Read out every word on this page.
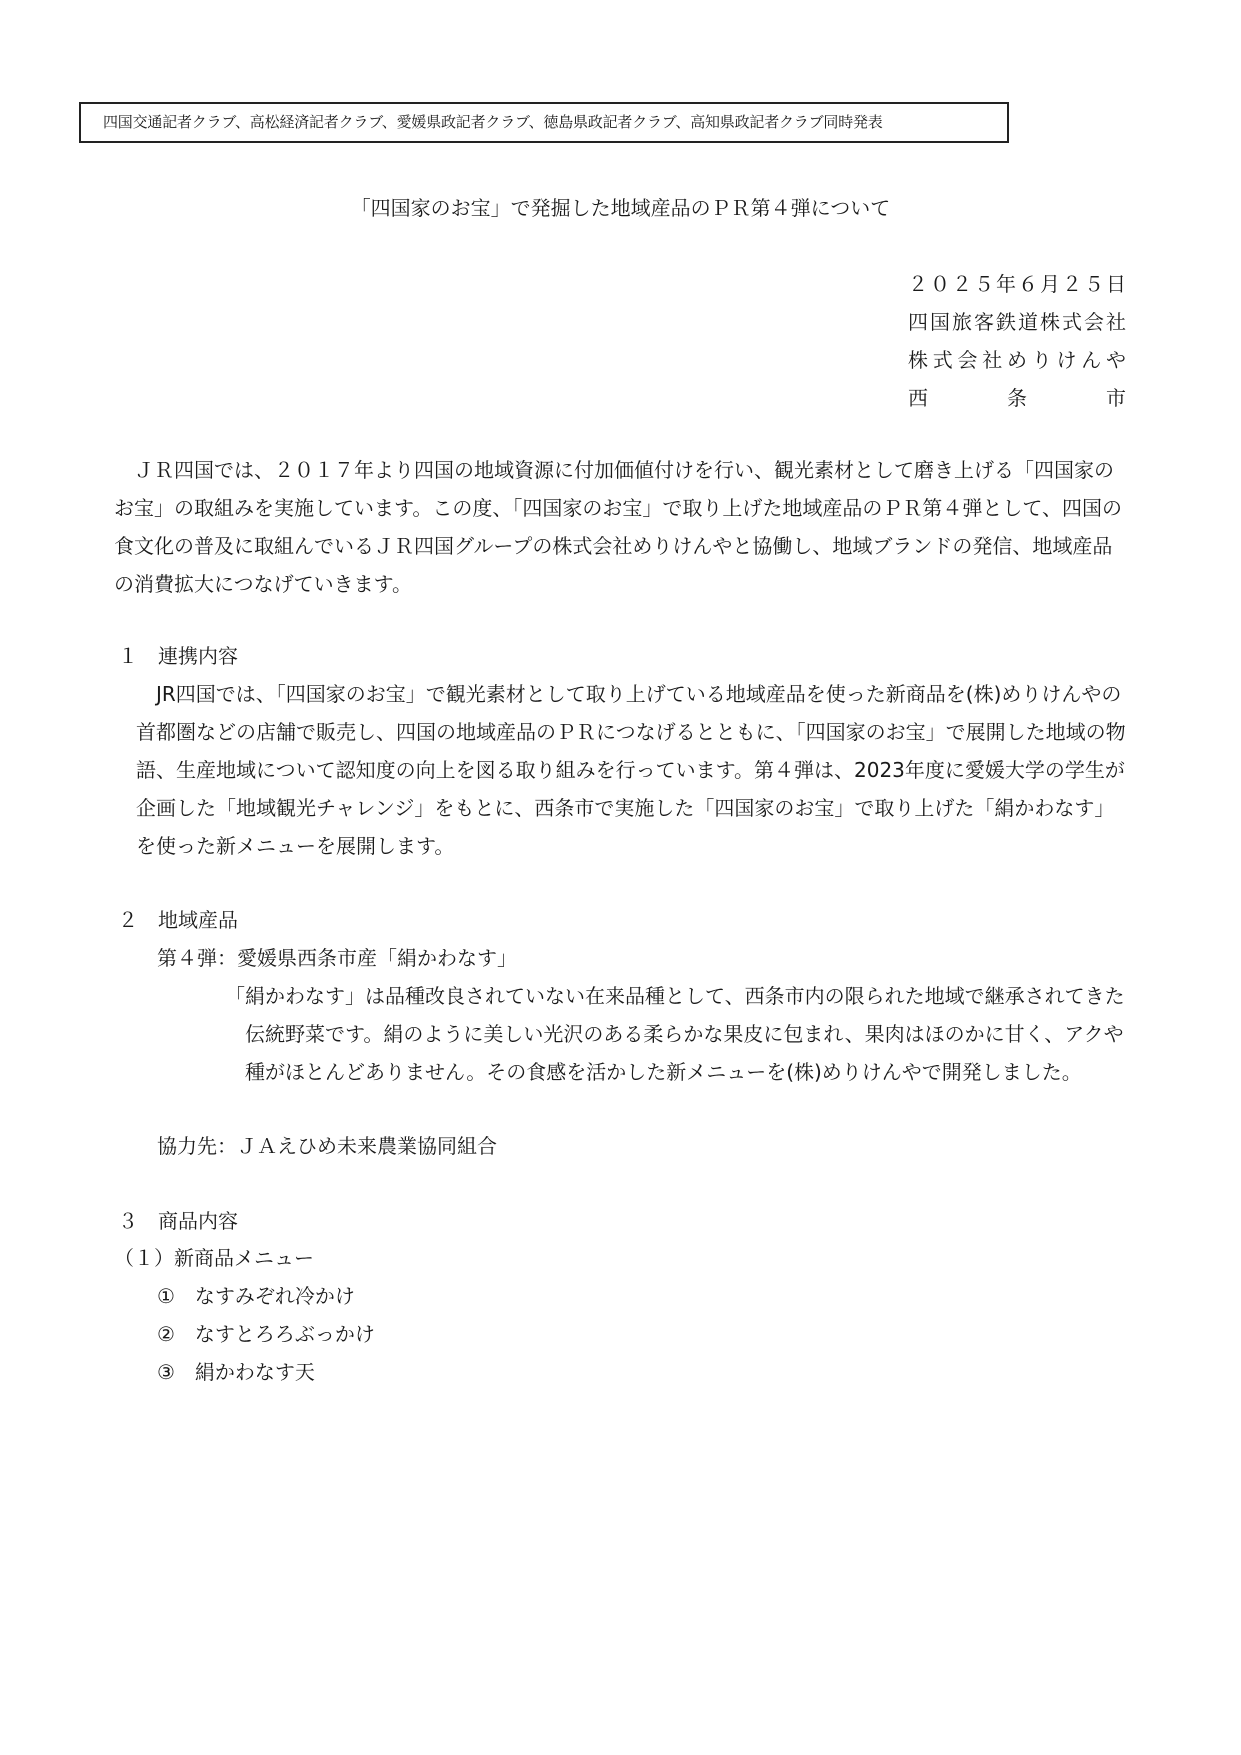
四国交通記者クラブ、高松経済記者クラブ、愛媛県政記者クラブ、徳島県政記者クラブ、高知県政記者クラブ同時発表
「四国家のお宝」で発掘した地域産品のＰＲ第４弾について
２０２５年６月２５日
四国旅客鉄道株式会社
株式会社めりけんや
西条市

ＪＲ四国では、２０１７年より四国の地域資源に付加価値付けを行い、観光素材として磨き上げる「四国家のお宝」の取組みを実施しています。この度、「四国家のお宝」で取り上げた地域産品のＰＲ第４弾として、四国の食文化の普及に取組んでいるＪＲ四国グループの株式会社めりけんやと協働し、地域ブランドの発信、地域産品の消費拡大につなげていきます。

１　連携内容

JR四国では、「四国家のお宝」で観光素材として取り上げている地域産品を使った新商品を(株)めりけんやの首都圏などの店舗で販売し、四国の地域産品のＰＲにつなげるとともに、「四国家のお宝」で展開した地域の物語、生産地域について認知度の向上を図る取り組みを行っています。第４弾は、2023年度に愛媛大学の学生が企画した「地域観光チャレンジ」をもとに、西条市で実施した「四国家のお宝」で取り上げた「絹かわなす」を使った新メニューを展開します。

２　地域産品
第４弾：愛媛県西条市産「絹かわなす」

「絹かわなす」は品種改良されていない在来品種として、西条市内の限られた地域で継承されてきた伝統野菜です。絹のように美しい光沢のある柔らかな果皮に包まれ、果肉はほのかに甘く、アクや種がほとんどありません。その食感を活かした新メニューを(株)めりけんやで開発しました。

協力先：ＪＡえひめ未来農業協同組合
３　商品内容
（１）新商品メニュー
①　なすみぞれ冷かけ
②　なすとろろぶっかけ
③　絹かわなす天
